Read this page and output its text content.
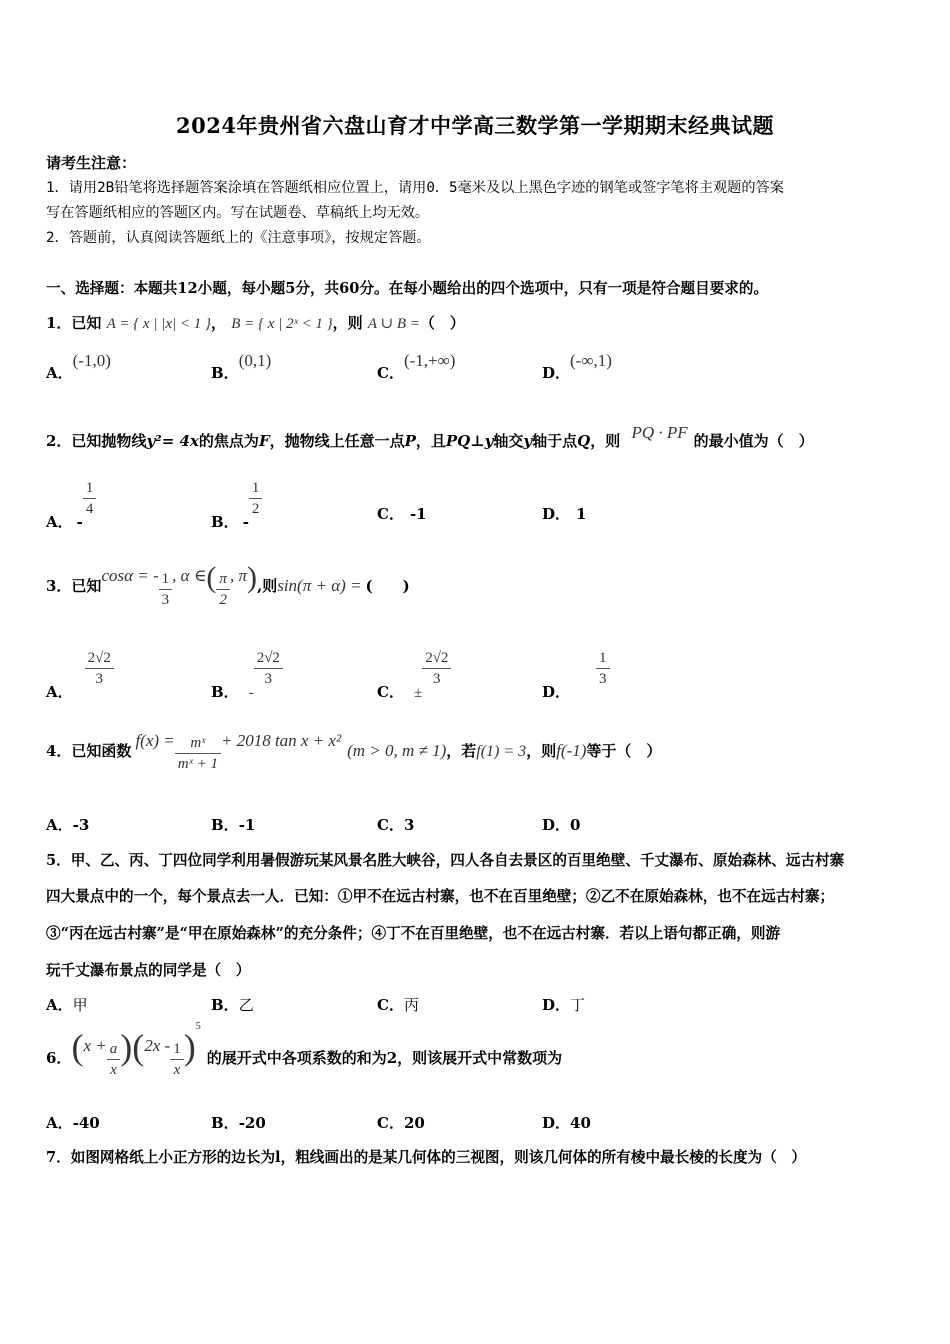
2024年贵州省六盘山育才中学高三数学第一学期期末经典试题
请考生注意：
1．请用2B铅笔将选择题答案涂填在答题纸相应位置上，请用0．5毫米及以上黑色字迹的钢笔或签字笔将主观题的答案
写在答题纸相应的答题区内。写在试题卷、草稿纸上均无效。
2．答题前，认真阅读答题纸上的《注意事项》，按规定答题。
一、选择题：本题共12小题，每小题5分，共60分。在每小题给出的四个选项中，只有一项是符合题目要求的。
1．已知 A = { x | |x| < 1 }， B = { x | 2ˣ < 1 }，则 A ∪ B =（　）
A．(-1,0)
B．(0,1)
C．(-1,+∞)
D．(-∞,1)
2．已知抛物线y²= 4x的焦点为F，抛物线上任意一点P，且PQ⊥y轴交y轴于点Q，则 PQ · PF 的最小值为（　）
A． -
$\frac{1}{4}$
B． -
$\frac{1}{2}$	C． -1	D． 1
3．已知cosα = - $\frac{1}{3}$ , α ∈( $\frac{\pi}{2}$ , π),则sin(π + α) = (　　)
A．
$\frac{2√2}{3}$
B． -
$\frac{2√2}{3}$
C． ±
$\frac{2√2}{3}$
D．
$\frac{1}{3}$
4．已知函数$f(x) = \frac{\text{mˣ}}{\text{mˣ + 1}} + 2018$ tan x + x²(m > 0, m ≠ 1)，若f(1) = 3，则f(-1)等于（　）
A．-3	B．-1	C．3	D．0
5．甲、乙、丙、丁四位同学利用暑假游玩某风景名胜大峡谷，四人各自去景区的百里绝壁、千丈瀑布、原始森林、远古村寨
四大景点中的一个，每个景点去一人．已知：①甲不在远古村寨，也不在百里绝壁；②乙不在原始森林，也不在远古村寨；
③“丙在远古村寨”是“甲在原始森林”的充分条件；④丁不在百里绝壁，也不在远古村寨．若以上语句都正确，则游
玩千丈瀑布景点的同学是（　）
A．甲	B．乙	C．丙	D．丁
6．$(x + \frac{a}{x} )(2x - \frac{1}{x} )^5$的展开式中各项系数的和为2，则该展开式中常数项为
A．-40	B．-20	C．20	D．40
7．如图网格纸上小正方形的边长为l，粗线画出的是某几何体的三视图，则该几何体的所有棱中最长棱的长度为（　）
